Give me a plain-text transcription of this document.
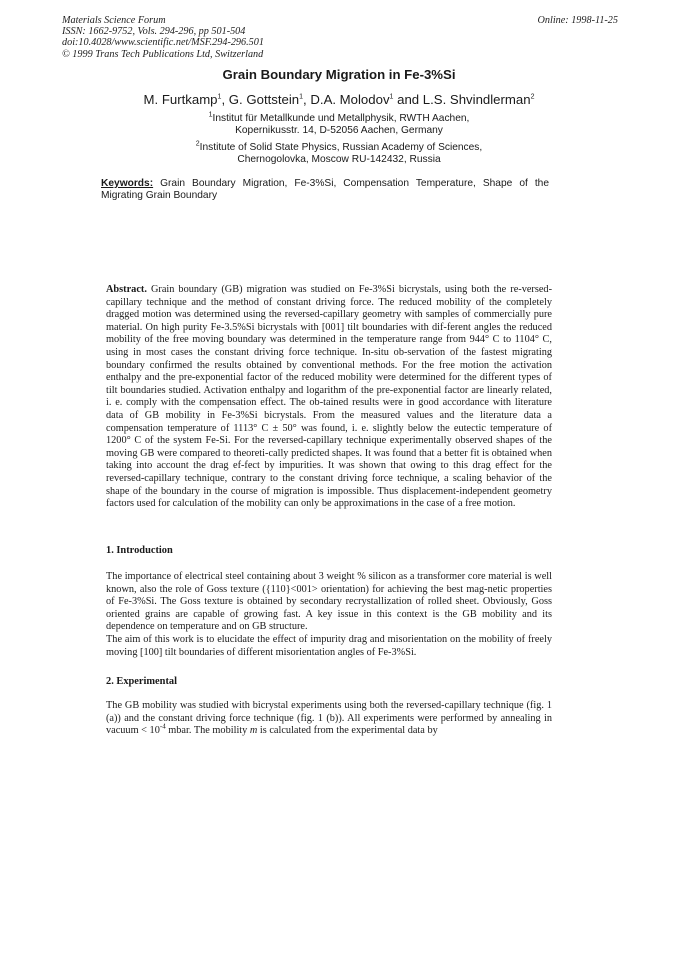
Materials Science Forum
ISSN: 1662-9752, Vols. 294-296, pp 501-504
doi:10.4028/www.scientific.net/MSF.294-296.501
© 1999 Trans Tech Publications Ltd, Switzerland
Online: 1998-11-25
Grain Boundary Migration in Fe-3%Si
M. Furtkamp$^1$, G. Gottstein$^1$, D.A. Molodov$^1$ and L.S. Shvindlerman$^2$
$^1$Institut für Metallkunde und Metallphysik, RWTH Aachen,
Kopernikusstr. 14, D-52056 Aachen, Germany
$^2$Institute of Solid State Physics, Russian Academy of Sciences,
Chernogolovka, Moscow RU-142432, Russia
Keywords: Grain Boundary Migration, Fe-3%Si, Compensation Temperature, Shape of the Migrating Grain Boundary
Abstract. Grain boundary (GB) migration was studied on Fe-3%Si bicrystals, using both the re-versed-capillary technique and the method of constant driving force. The reduced mobility of the completely dragged motion was determined using the reversed-capillary geometry with samples of commercially pure material. On high purity Fe-3.5%Si bicrystals with [001] tilt boundaries with dif-ferent angles the reduced mobility of the free moving boundary was determined in the temperature range from 944° C to 1104° C, using in most cases the constant driving force technique. In-situ ob-servation of the fastest migrating boundary confirmed the results obtained by conventional methods. For the free motion the activation enthalpy and the pre-exponential factor of the reduced mobility were determined for the different types of tilt boundaries studied. Activation enthalpy and logarithm of the pre-exponential factor are linearly related, i. e. comply with the compensation effect. The ob-tained results were in good accordance with literature data of GB mobility in Fe-3%Si bicrystals. From the measured values and the literature data a compensation temperature of 1113° C ± 50° was found, i. e. slightly below the eutectic temperature of 1200° C of the system Fe-Si. For the reversed-capillary technique experimentally observed shapes of the moving GB were compared to theoreti-cally predicted shapes. It was found that a better fit is obtained when taking into account the drag ef-fect by impurities. It was shown that owing to this drag effect for the reversed-capillary technique, contrary to the constant driving force technique, a scaling behavior of the shape of the boundary in the course of migration is impossible. Thus displacement-independent geometry factors used for calculation of the mobility can only be approximations in the case of a free motion.
1. Introduction

The importance of electrical steel containing about 3 weight % silicon as a transformer core material is well known, also the role of Goss texture ({110}<001> orientation) for achieving the best mag-netic properties of Fe-3%Si. The Goss texture is obtained by secondary recrystallization of rolled sheet. Obviously, Goss oriented grains are capable of growing fast. A key issue in this context is the GB mobility and its dependence on temperature and on GB structure.

The aim of this work is to elucidate the effect of impurity drag and misorientation on the mobility of freely moving [100] tilt boundaries of different misorientation angles of Fe-3%Si.

2. Experimental

The GB mobility was studied with bicrystal experiments using both the reversed-capillary technique (fig. 1 (a)) and the constant driving force technique (fig. 1 (b)). All experiments were performed by annealing in vacuum < $10^{-4}$ mbar. The mobility m is calculated from the experimental data by
